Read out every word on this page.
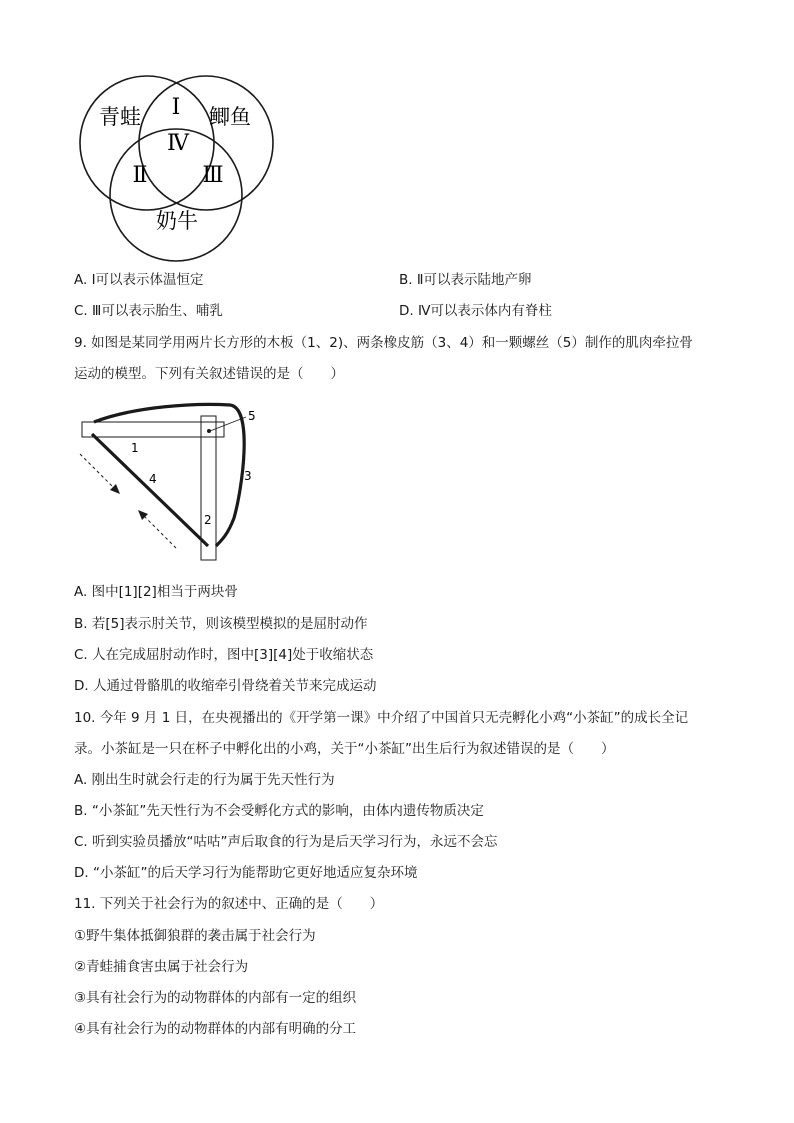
青蛙	鲫鱼
奶牛
Ⅰ
Ⅱ Ⅲ
Ⅳ
A. Ⅰ可以表示体温恒定	B. Ⅱ可以表示陆地产卵
C. Ⅲ可以表示胎生、哺乳	D. Ⅳ可以表示体内有脊柱
9. 如图是某同学用两片长方形的木板（1、2)、两条橡皮筋（3、4）和一颗螺丝（5）制作的肌肉牵拉骨
运动的模型。下列有关叙述错误的是（　　）
1
2
3
4
5
A. 图中[1][2]相当于两块骨
B. 若[5]表示肘关节，则该模型模拟的是屈肘动作
C. 人在完成屈肘动作时，图中[3][4]处于收缩状态
D. 人通过骨骼肌的收缩牵引骨绕着关节来完成运动
10. 今年 9 月 1 日，在央视播出的《开学第一课》中介绍了中国首只无壳孵化小鸡“小茶缸”的成长全记
录。小茶缸是一只在杯子中孵化出的小鸡，关于“小茶缸”出生后行为叙述错误的是（　　）
A. 刚出生时就会行走的行为属于先天性行为
B. “小茶缸”先天性行为不会受孵化方式的影响，由体内遗传物质决定
C. 听到实验员播放“咕咕”声后取食的行为是后天学习行为，永远不会忘
D. “小茶缸”的后天学习行为能帮助它更好地适应复杂环境
11. 下列关于社会行为的叙述中、正确的是（　　）
①野牛集体抵御狼群的袭击属于社会行为
②青蛙捕食害虫属于社会行为
③具有社会行为的动物群体的内部有一定的组织
④具有社会行为的动物群体的内部有明确的分工
